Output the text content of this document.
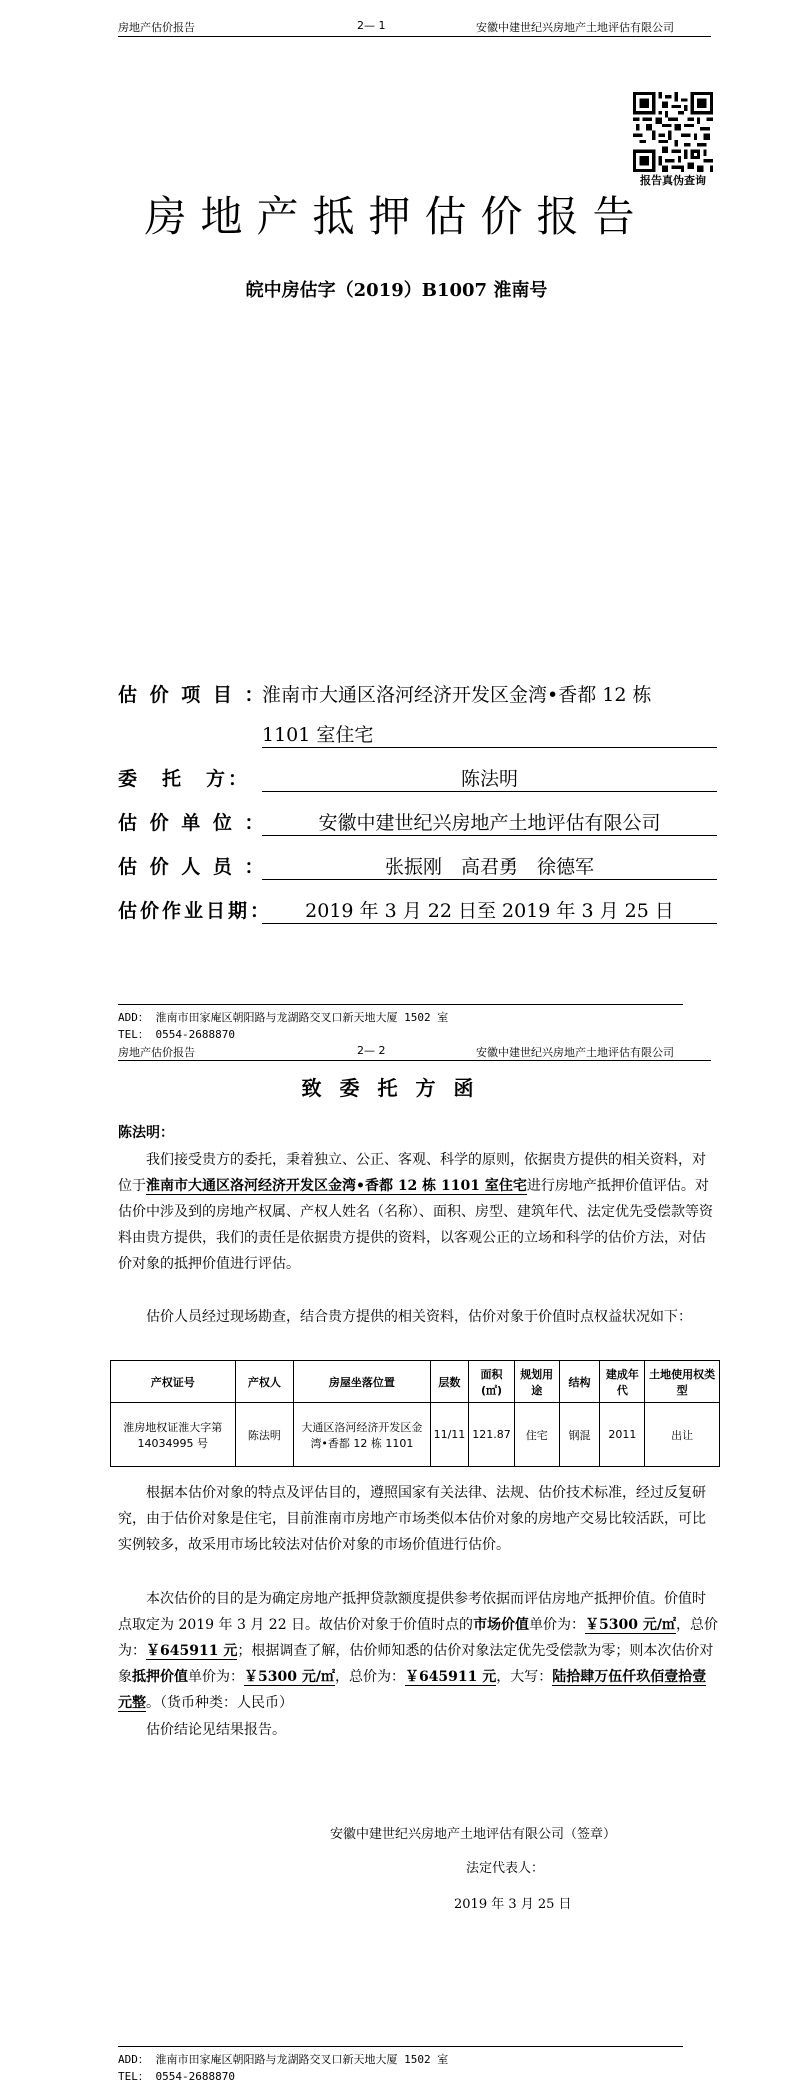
房地产估价报告	2— 1	安徽中建世纪兴房地产土地评估有限公司
报告真伪查询
房地产抵押估价报告
皖中房估字（2019）B1007 淮南号
估 价 项 目 ：
淮南市大通区洛河经济开发区金湾•香都 12 栋
1101 室住宅
委　托　方：	陈法明
估 价 单 位 ：	安徽中建世纪兴房地产土地评估有限公司
估 价 人 员 ：	张振刚　高君勇　徐德军
估价作业日期：	2019 年 3 月 22 日至 2019 年 3 月 25 日
ADD： 淮南市田家庵区朝阳路与龙湖路交叉口新天地大厦 1502 室
TEL： 0554-2688870
房地产估价报告	2— 2	安徽中建世纪兴房地产土地评估有限公司
致委托方函
陈法明：
我们接受贵方的委托，秉着独立、公正、客观、科学的原则，依据贵方提供的相关资料，对位于淮南市大通区洛河经济开发区金湾•香都 12 栋 1101 室住宅进行房地产抵押价值评估。对估价中涉及到的房地产权属、产权人姓名（名称）、面积、房型、建筑年代、法定优先受偿款等资料由贵方提供，我们的责任是依据贵方提供的资料，以客观公正的立场和科学的估价方法，对估价对象的抵押价值进行评估。
估价人员经过现场勘查，结合贵方提供的相关资料，估价对象于价值时点权益状况如下：
产权证号	产权人	房屋坐落位置	层数	面积(㎡)	规划用途	结构	建成年代	土地使用权类型
淮房地权证淮大字第14034995 号	陈法明	大通区洛河经济开发区金湾•香都 12 栋 1101	11/11	121.87	住宅	钢混	2011	出让
根据本估价对象的特点及评估目的，遵照国家有关法律、法规、估价技术标准，经过反复研究，由于估价对象是住宅，目前淮南市房地产市场类似本估价对象的房地产交易比较活跃，可比实例较多，故采用市场比较法对估价对象的市场价值进行估价。
本次估价的目的是为确定房地产抵押贷款额度提供参考依据而评估房地产抵押价值。价值时点取定为 2019 年 3 月 22 日。故估价对象于价值时点的市场价值单价为：￥5300 元/㎡，总价为：￥645911 元；根据调查了解，估价师知悉的估价对象法定优先受偿款为零；则本次估价对象抵押价值单价为：￥5300 元/㎡，总价为：￥645911 元，大写：陆拾肆万伍仟玖佰壹拾壹元整。（货币种类：人民币）
估价结论见结果报告。
安徽中建世纪兴房地产土地评估有限公司（签章）
法定代表人：
2019 年 3 月 25 日
ADD： 淮南市田家庵区朝阳路与龙湖路交叉口新天地大厦 1502 室
TEL： 0554-2688870
